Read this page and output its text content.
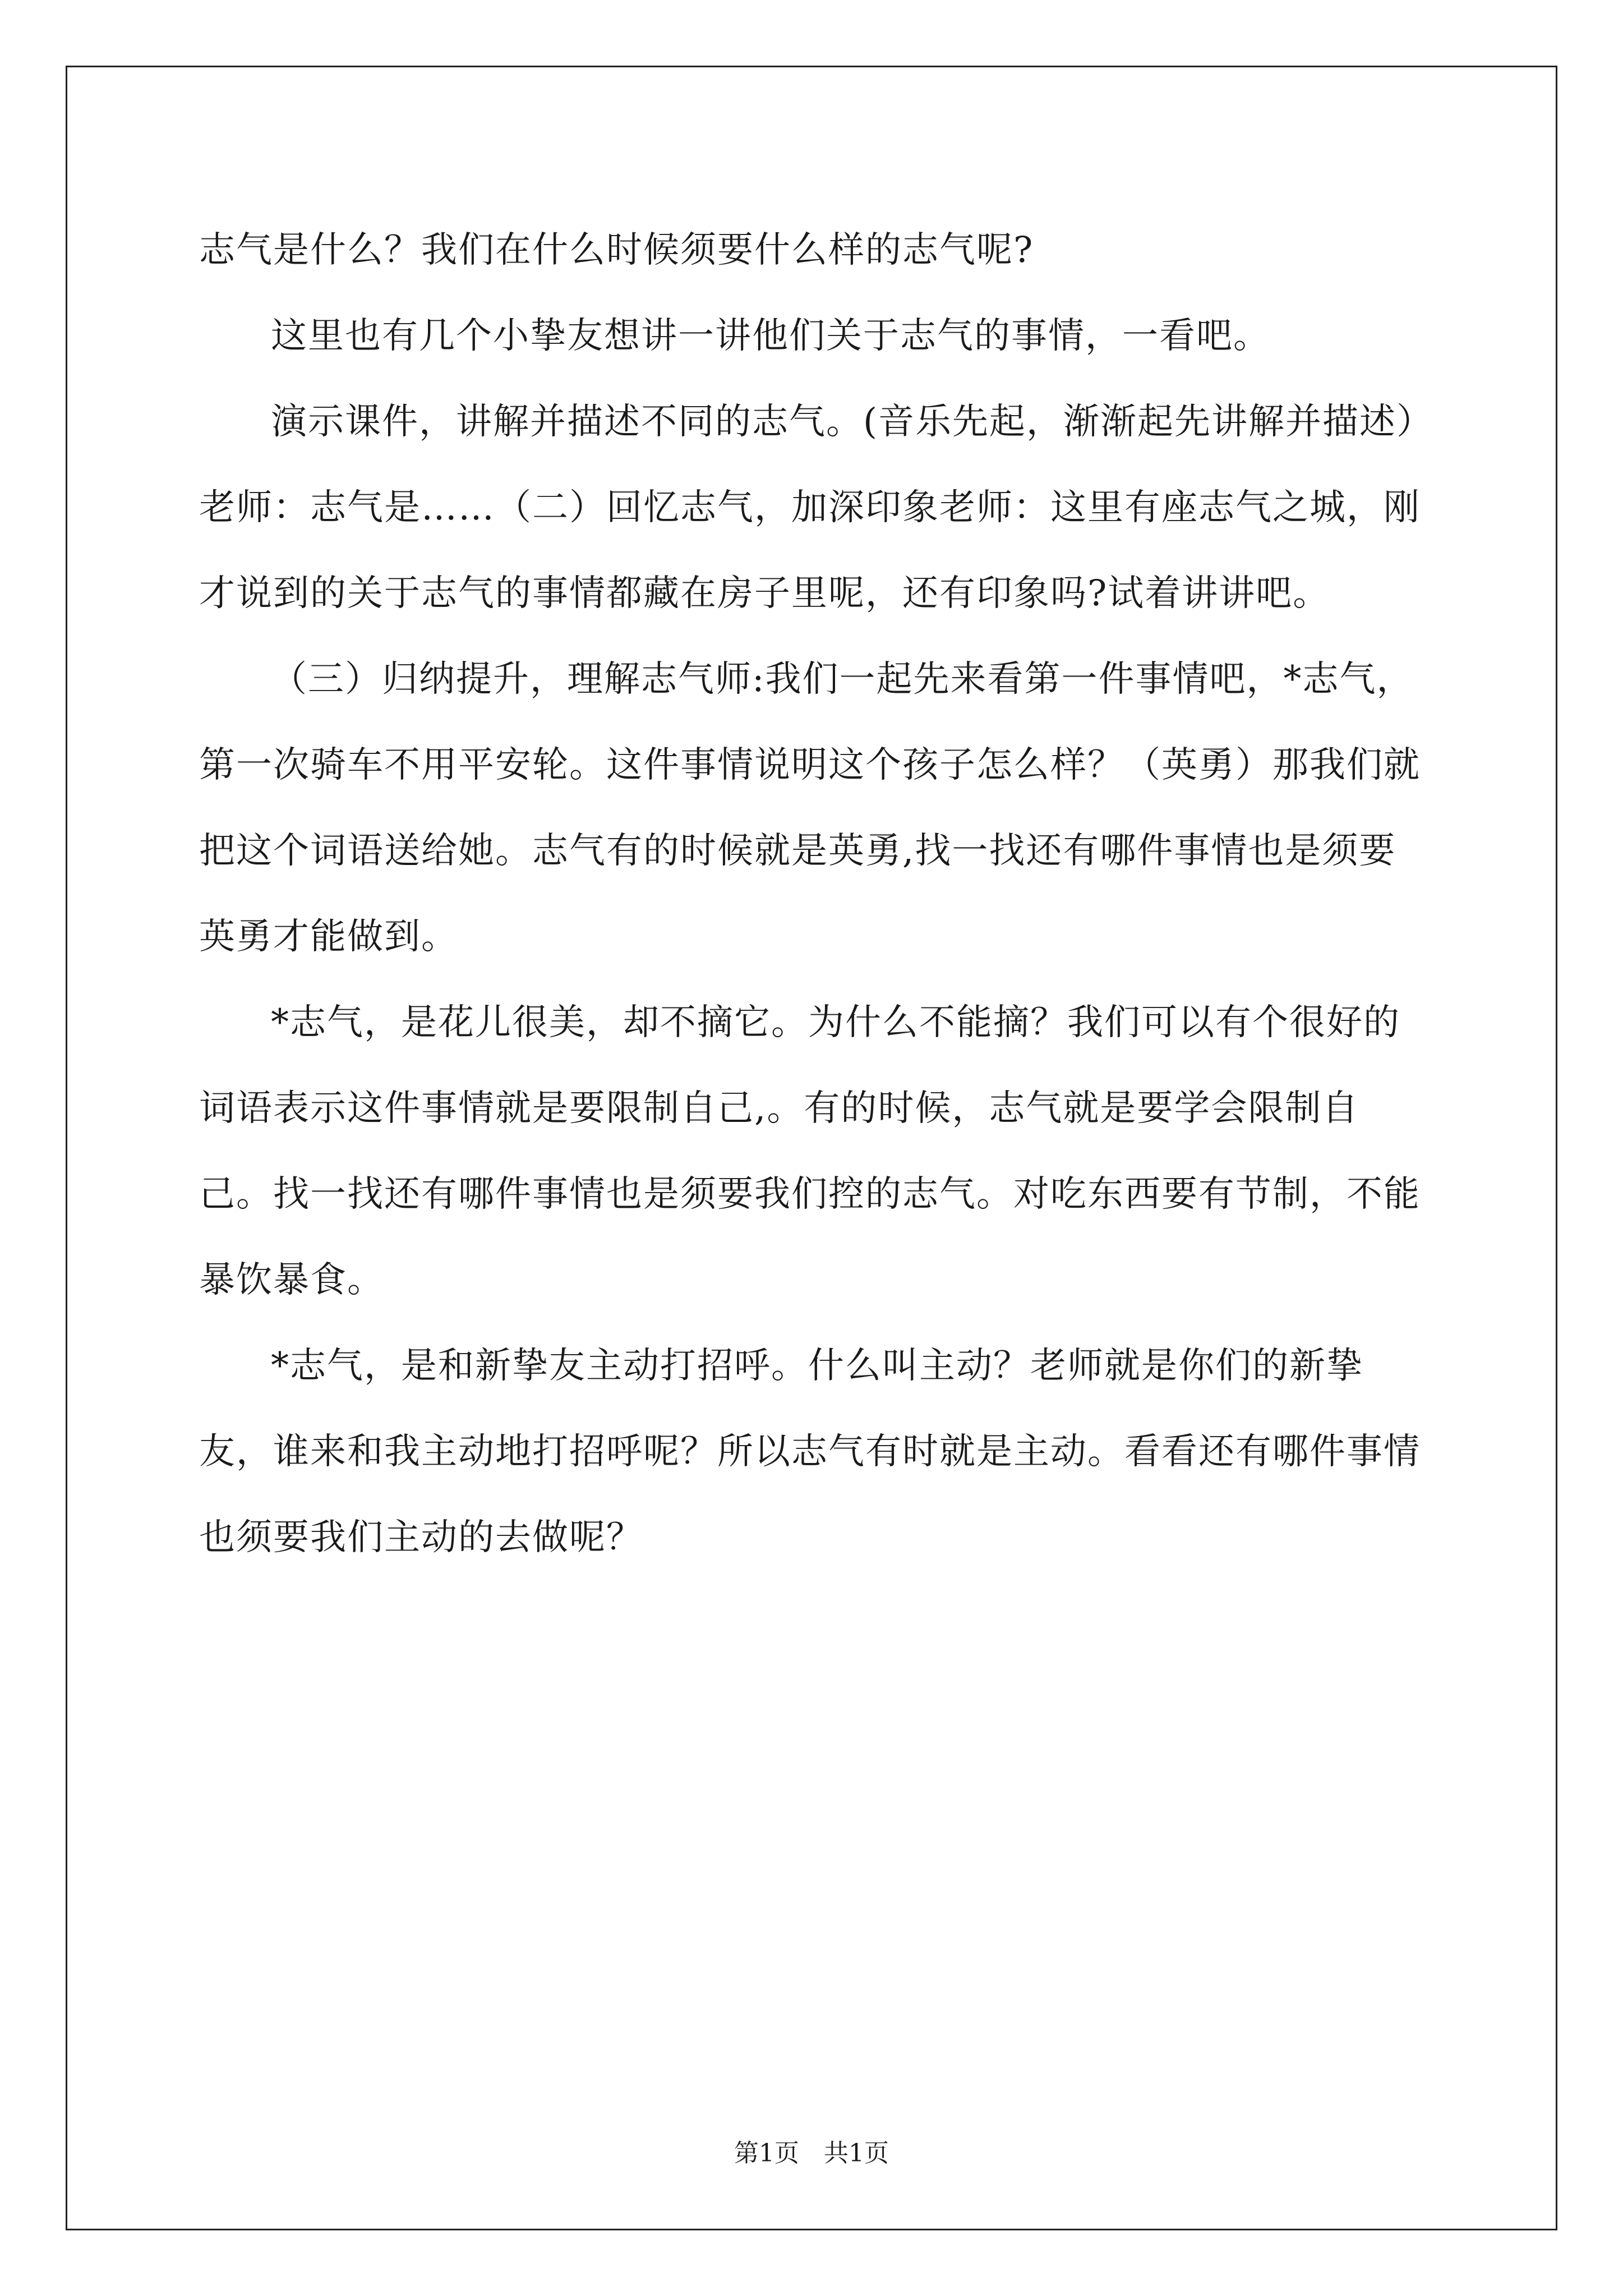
志气是什么？我们在什么时候须要什么样的志气呢?

这里也有几个小挚友想讲一讲他们关于志气的事情，一看吧。

演示课件，讲解并描述不同的志气。(音乐先起，渐渐起先讲解并描述）老师：志气是……（二）回忆志气，加深印象老师：这里有座志气之城，刚才说到的关于志气的事情都藏在房子里呢，还有印象吗?试着讲讲吧。

（三）归纳提升，理解志气师:我们一起先来看第一件事情吧，*志气，第一次骑车不用平安轮。这件事情说明这个孩子怎么样？（英勇）那我们就把这个词语送给她。志气有的时候就是英勇,找一找还有哪件事情也是须要英勇才能做到。

*志气，是花儿很美，却不摘它。为什么不能摘？我们可以有个很好的词语表示这件事情就是要限制自己,。有的时候，志气就是要学会限制自己。找一找还有哪件事情也是须要我们控的志气。对吃东西要有节制，不能暴饮暴食。

*志气，是和新挚友主动打招呼。什么叫主动？老师就是你们的新挚友，谁来和我主动地打招呼呢？所以志气有时就是主动。看看还有哪件事情也须要我们主动的去做呢？

第1页 共1页
